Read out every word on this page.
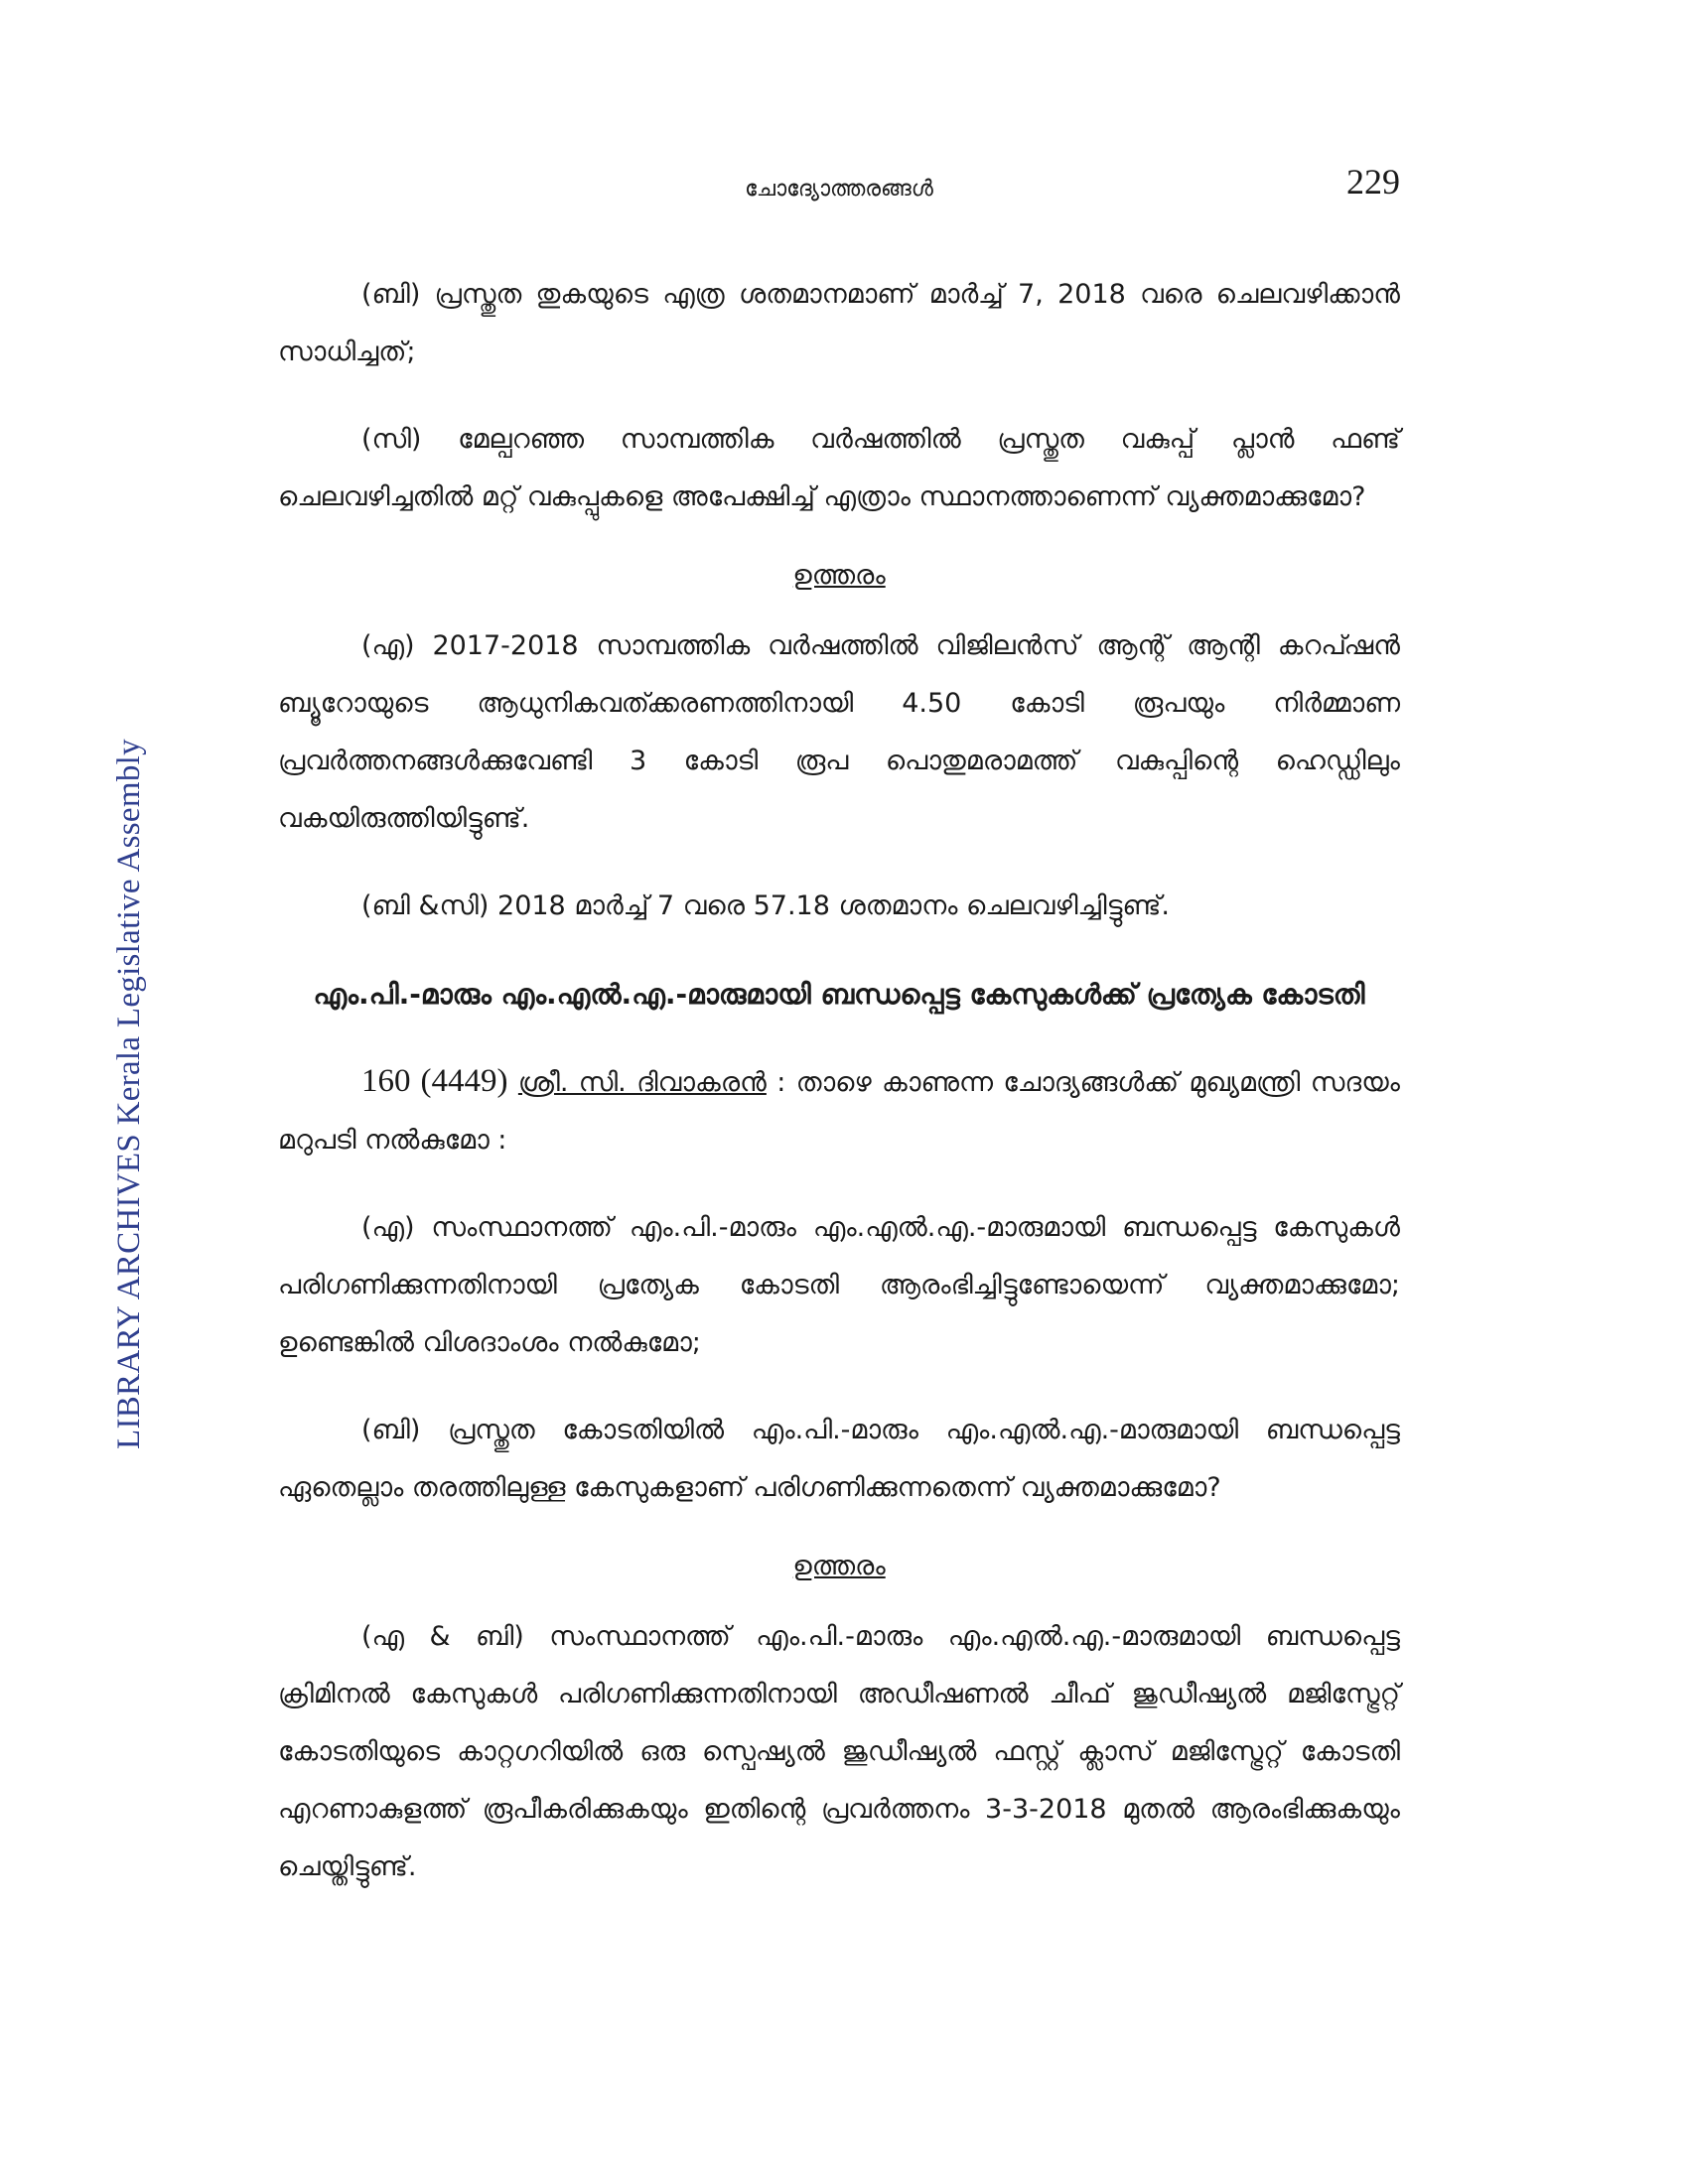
LIBRARY ARCHIVES Kerala Legislative Assembly
ചോദ്യോത്തരങ്ങൾ	229

(ബി) പ്രസ്തുത തുകയുടെ എത്ര ശതമാനമാണ് മാർച്ച് 7, 2018 വരെ ചെലവഴിക്കാൻ സാധിച്ചത്;

(സി) മേല്പറഞ്ഞ സാമ്പത്തിക വർഷത്തിൽ പ്രസ്തുത വകുപ്പ് പ്ലാൻ ഫണ്ട് ചെലവഴിച്ചതിൽ മറ്റ് വകുപ്പുകളെ അപേക്ഷിച്ച് എത്രാം സ്ഥാനത്താണെന്ന് വ്യക്തമാക്കുമോ?

ഉത്തരം

(എ) 2017-2018 സാമ്പത്തിക വർഷത്തിൽ വിജിലൻസ് ആന്റ് ആന്റി കറപ്ഷൻ ബ്യൂറോയുടെ ആധുനികവത്ക്കരണത്തിനായി 4.50 കോടി രൂപയും നിർമ്മാണ പ്രവർത്തനങ്ങൾക്കുവേണ്ടി 3 കോടി രൂപ പൊതുമരാമത്ത് വകുപ്പിന്റെ ഹെഡ്ഡിലും വകയിരുത്തിയിട്ടുണ്ട്.

(ബി &സി) 2018 മാർച്ച് 7 വരെ 57.18 ശതമാനം ചെലവഴിച്ചിട്ടുണ്ട്.

എം.പി.-മാരും എം.എൽ.എ.-മാരുമായി ബന്ധപ്പെട്ട കേസുകൾക്ക് പ്രത്യേക കോടതി

160 (4449) ശ്രീ. സി. ദിവാകരൻ : താഴെ കാണുന്ന ചോദ്യങ്ങൾക്ക് മുഖ്യമന്ത്രി സദയം മറുപടി നൽകുമോ :

(എ) സംസ്ഥാനത്ത് എം.പി.-മാരും എം.എൽ.എ.-മാരുമായി ബന്ധപ്പെട്ട കേസുകൾ പരിഗണിക്കുന്നതിനായി പ്രത്യേക കോടതി ആരംഭിച്ചിട്ടുണ്ടോയെന്ന് വ്യക്തമാക്കുമോ; ഉണ്ടെങ്കിൽ വിശദാംശം നൽകുമോ;

(ബി) പ്രസ്തുത കോടതിയിൽ എം.പി.-മാരും എം.എൽ.എ.-മാരുമായി ബന്ധപ്പെട്ട ഏതെല്ലാം തരത്തിലുള്ള കേസുകളാണ് പരിഗണിക്കുന്നതെന്ന് വ്യക്തമാക്കുമോ?

ഉത്തരം

(എ & ബി) സംസ്ഥാനത്ത് എം.പി.-മാരും എം.എൽ.എ.-മാരുമായി ബന്ധപ്പെട്ട ക്രിമിനൽ കേസുകൾ പരിഗണിക്കുന്നതിനായി അഡീഷണൽ ചീഫ് ജുഡീഷ്യൽ മജിസ്ട്രേറ്റ് കോടതിയുടെ കാറ്റഗറിയിൽ ഒരു സ്പെഷ്യൽ ജുഡീഷ്യൽ ഫസ്റ്റ് ക്ലാസ് മജിസ്ട്രേറ്റ് കോടതി എറണാകുളത്ത് രൂപീകരിക്കുകയും ഇതിന്റെ പ്രവർത്തനം 3-3-2018 മുതൽ ആരംഭിക്കുകയും ചെയ്തിട്ടുണ്ട്.
